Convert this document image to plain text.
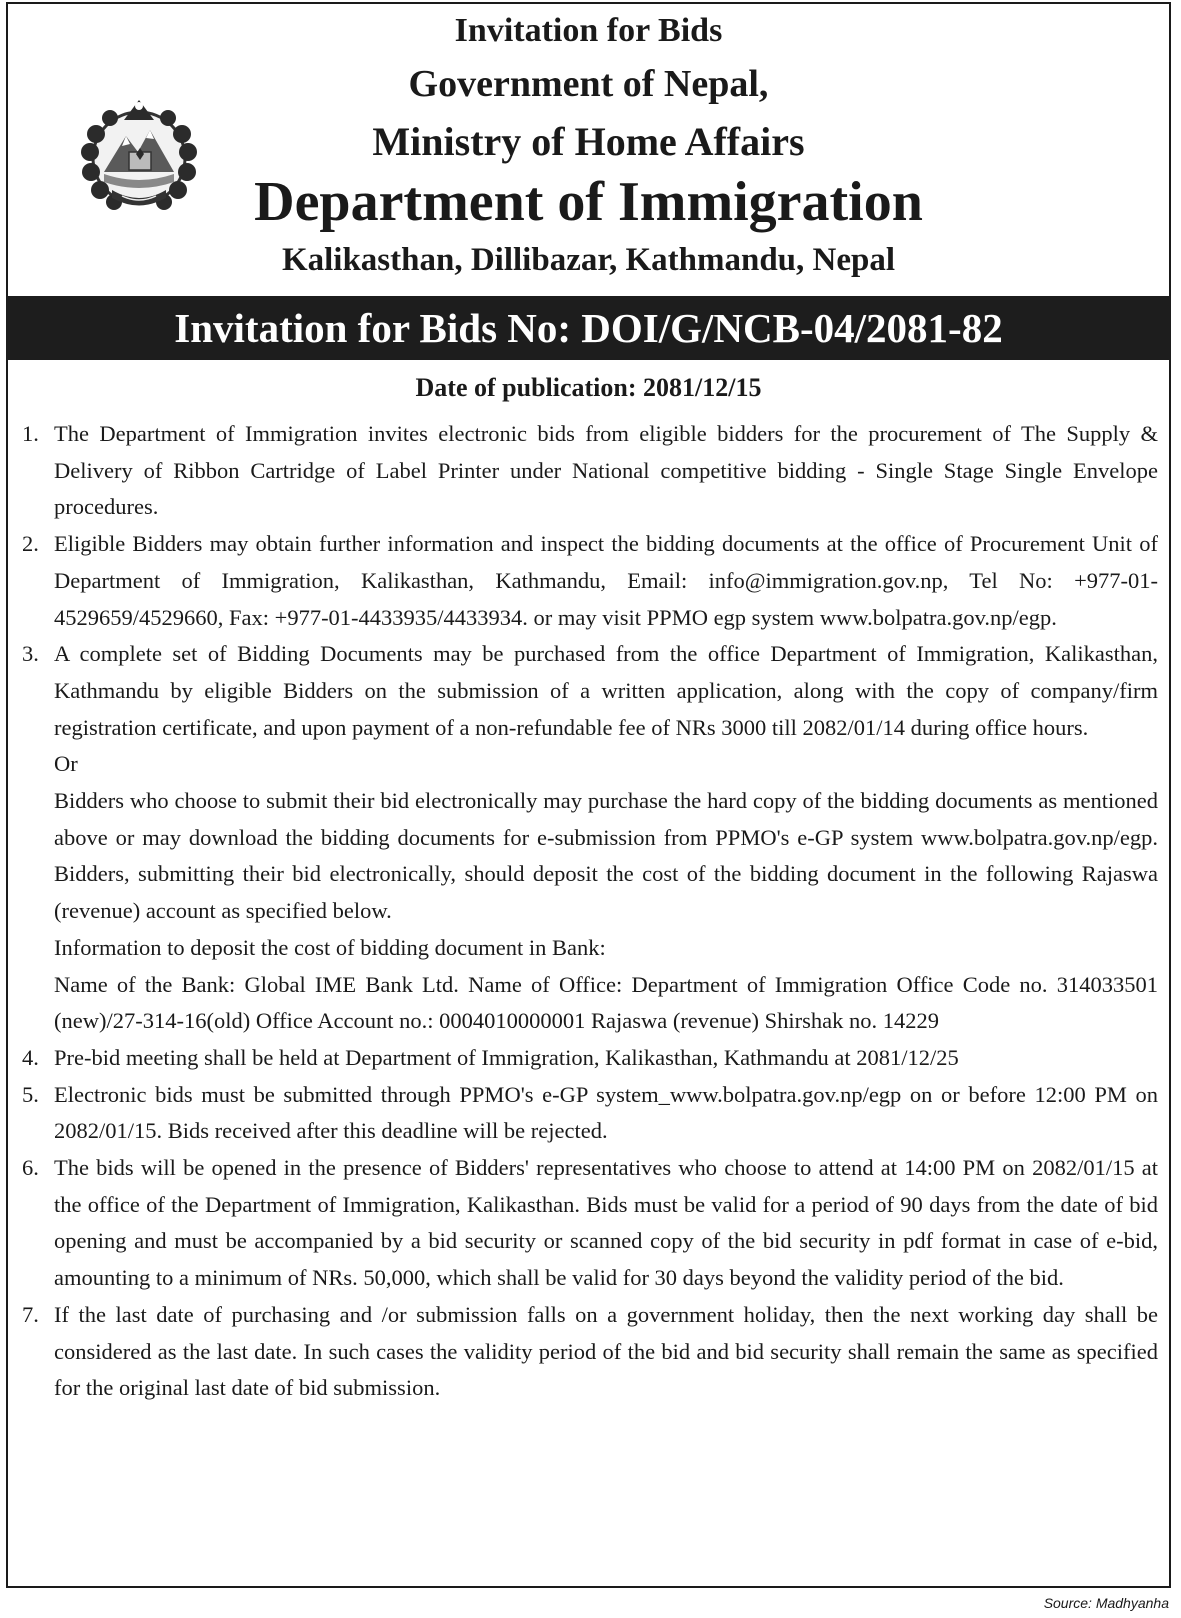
Invitation for Bids
Government of Nepal,
Ministry of Home Affairs
Department of Immigration
Kalikasthan, Dillibazar, Kathmandu, Nepal
Invitation for Bids No: DOI/G/NCB-04/2081-82
Date of publication: 2081/12/15
1. The Department of Immigration invites electronic bids from eligible bidders for the procurement of The Supply & Delivery of Ribbon Cartridge of Label Printer under National competitive bidding - Single Stage Single Envelope procedures.

2. Eligible Bidders may obtain further information and inspect the bidding documents at the office of Procurement Unit of Department of Immigration, Kalikasthan, Kathmandu, Email: info@immigration.gov.np, Tel No: +977-01-4529659/4529660, Fax: +977-01-4433935/4433934. or may visit PPMO egp system www.bolpatra.gov.np/egp.

3. A complete set of Bidding Documents may be purchased from the office Department of Immigration, Kalikasthan, Kathmandu by eligible Bidders on the submission of a written application, along with the copy of company/firm registration certificate, and upon payment of a non-refundable fee of NRs 3000 till 2082/01/14 during office hours.

Or

Bidders who choose to submit their bid electronically may purchase the hard copy of the bidding documents as mentioned above or may download the bidding documents for e-submission from PPMO's e-GP system www.bolpatra.gov.np/egp. Bidders, submitting their bid electronically, should deposit the cost of the bidding document in the following Rajaswa (revenue) account as specified below.

Information to deposit the cost of bidding document in Bank:

Name of the Bank: Global IME Bank Ltd. Name of Office: Department of Immigration Office Code no. 314033501 (new)/27-314-16(old) Office Account no.: 0004010000001 Rajaswa (revenue) Shirshak no. 14229

4. Pre-bid meeting shall be held at Department of Immigration, Kalikasthan, Kathmandu at 2081/12/25

5. Electronic bids must be submitted through PPMO's e-GP system_www.bolpatra.gov.np/egp on or before 12:00 PM on 2082/01/15. Bids received after this deadline will be rejected.

6. The bids will be opened in the presence of Bidders' representatives who choose to attend at 14:00 PM on 2082/01/15 at the office of the Department of Immigration, Kalikasthan. Bids must be valid for a period of 90 days from the date of bid opening and must be accompanied by a bid security or scanned copy of the bid security in pdf format in case of e-bid, amounting to a minimum of NRs. 50,000, which shall be valid for 30 days beyond the validity period of the bid.

7. If the last date of purchasing and /or submission falls on a government holiday, then the next working day shall be considered as the last date. In such cases the validity period of the bid and bid security shall remain the same as specified for the original last date of bid submission.

Source: Madhyanha
